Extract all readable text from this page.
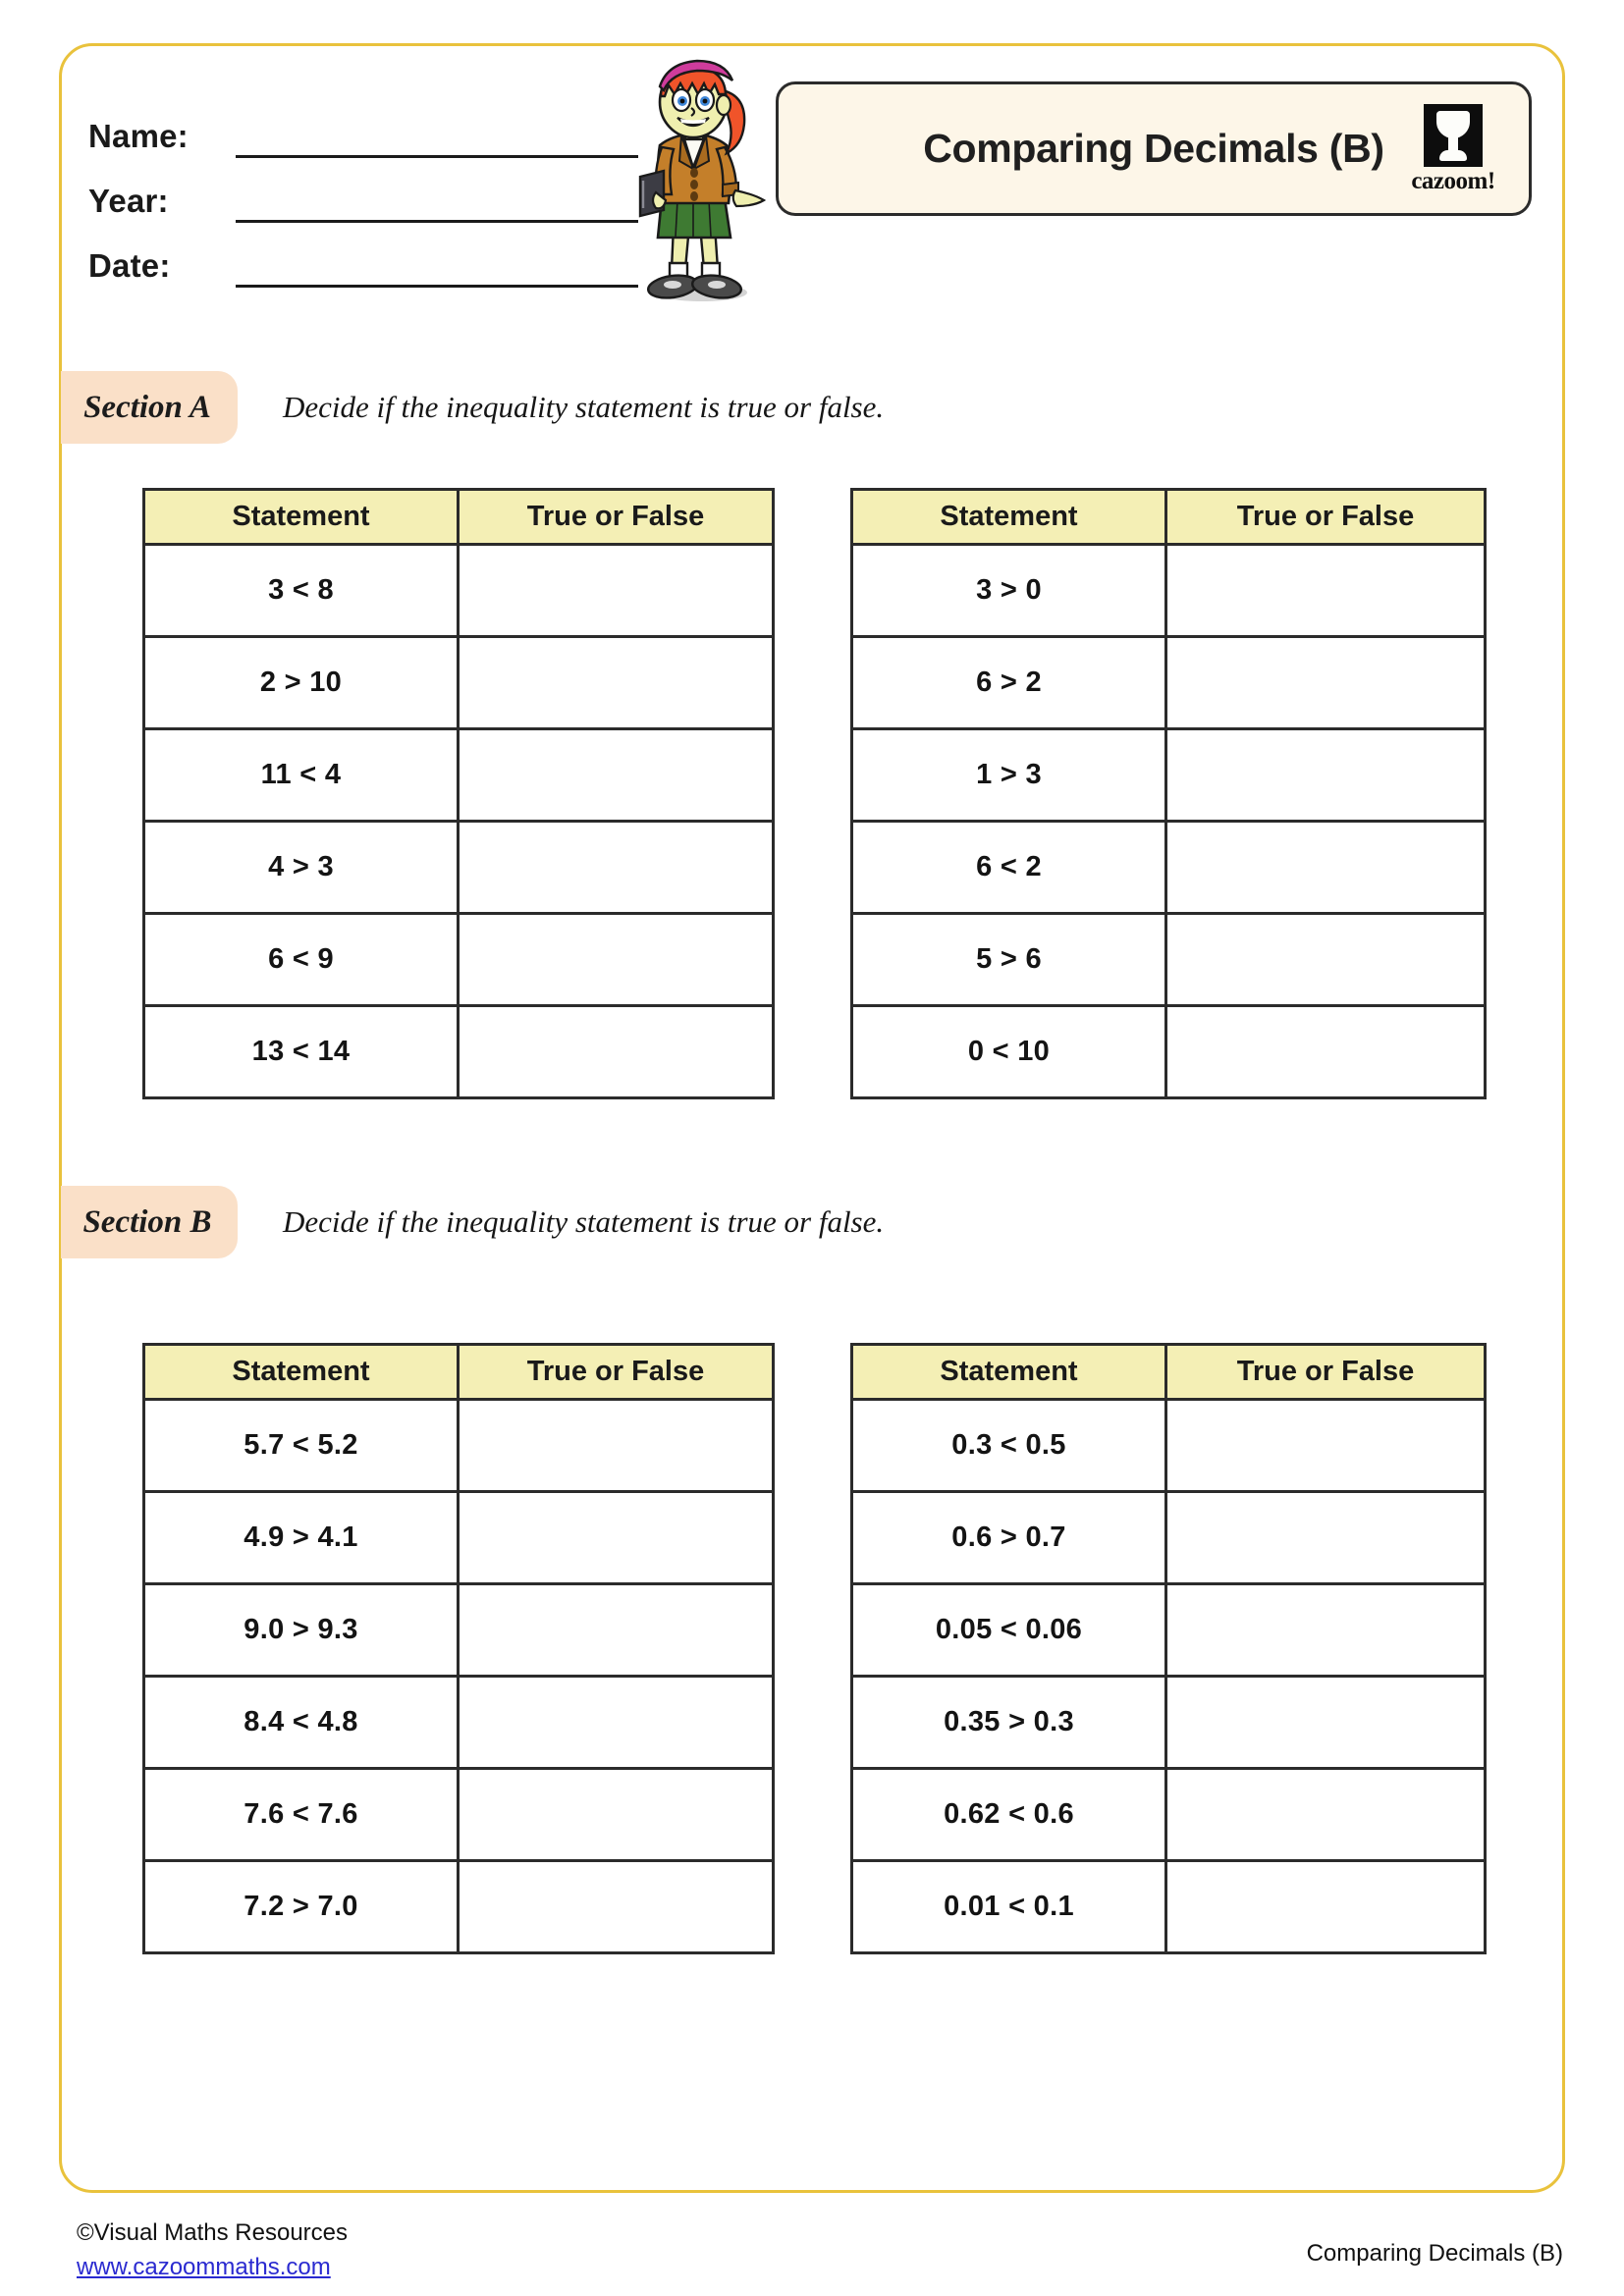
Name:
Year:
Date:
Comparing Decimals (B)
cazoom!
Section A Decide if the inequality statement is true or false.
Statement	True or False
3 < 8	
2 > 10	
11 < 4	
4 > 3	
6 < 9	
13 < 14	
Statement	True or False
3 > 0	
6 > 2	
1 > 3	
6 < 2	
5 > 6	
0 < 10	
Section B Decide if the inequality statement is true or false.
Statement	True or False
5.7 < 5.2	
4.9 > 4.1	
9.0 > 9.3	
8.4 < 4.8	
7.6 < 7.6	
7.2 > 7.0	
Statement	True or False
0.3 < 0.5	
0.6 > 0.7	
0.05 < 0.06	
0.35 > 0.3	
0.62 < 0.6	
0.01 < 0.1	
©Visual Maths Resources
www.cazoommaths.com
Comparing Decimals (B)
